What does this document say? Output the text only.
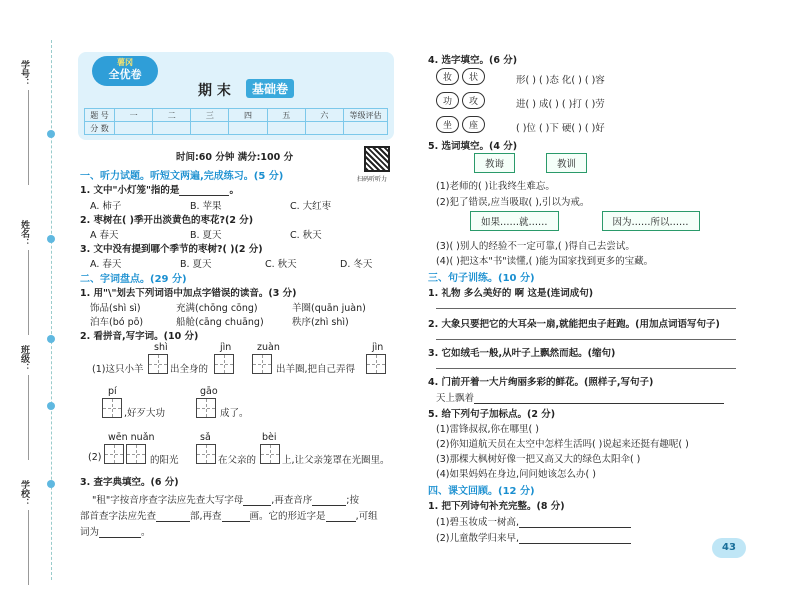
学号：
姓名：
班级：
学校：
薯冈
全优卷
期 末	基础卷
题 号	一	二	三	四	五	六	等级评估
分 数							
时间:60 分钟 满分:100 分
扫码听听力
一、听力试题。听短文两遍,完成练习。(5 分)
1. 文中"小灯笼"指的是	。
A. 柿子	B. 苹果	C. 大红枣
2. 枣树在( )季开出淡黄色的枣花?(2 分)
A 春天	B. 夏天	C. 秋天
3. 文中没有提到哪个季节的枣树?( )(2 分)
A. 春天	B. 夏天	C. 秋天	D. 冬天
二、字词盘点。(29 分)
1. 用"\"划去下列词语中加点字错误的读音。(3 分)
饰品(shì sì)	充满(chōng cōng)	羊圈(quān juàn)
泊车(bó pō)	船舱(cāng chuāng)	秩序(zhì shì)
2. 看拼音,写字词。(10 分)
shì	jìn	zuàn	jìn
(1)这只小羊	出全身的	出羊圈,把自己弄得
pí	gāo
,好歹大功	成了。
wēn nuǎn	sǎ	bèi
(2)	的阳光	在父亲的	上,让父亲笼罩在光圈里。
3. 查字典填空。(6 分)
"租"字按音序查字法应先查大写字母	,再查音序	;按
部首查字法应先查	部,再查	画。它的形近字是	,可组
词为	。
4. 选字填空。(6 分)
妆 状	形( ) ( )态 化( ) ( )容
功 攻	进( ) 成( ) ( )打 ( )劳
坐 座	( )位 ( )下 硬( ) ( )好
5. 选词填空。(4 分)
教诲	教训
(1)老师的( )让我终生难忘。
(2)犯了错误,应当吸取( ),引以为戒。
如果……就……	因为……所以……
(3)( )别人的经验不一定可靠,( )得自己去尝试。
(4)( )把这本"书"读懂,( )能为国家找到更多的宝藏。
三、句子训练。(10 分)
1. 礼物 多么美好的 啊 这是(连词成句)
2. 大象只要把它的大耳朵一扇,就能把虫子赶跑。(用加点词语写句子)
3. 它如绒毛一般,从叶子上飘然而起。(缩句)
4. 门前开着一大片绚丽多彩的鲜花。(照样子,写句子)
天上飘着
5. 给下列句子加标点。(2 分)
(1)雷锋叔叔,你在哪里( )
(2)你知道航天员在太空中怎样生活吗( )说起来还挺有趣呢( )
(3)那棵大枫树好像一把又高又大的绿色太阳伞( )
(4)如果妈妈在身边,问问她该怎么办( )
四、课文回顾。(12 分)
1. 把下列诗句补充完整。(8 分)
(1)碧玉妆成一树高,
(2)儿童散学归来早,
43
